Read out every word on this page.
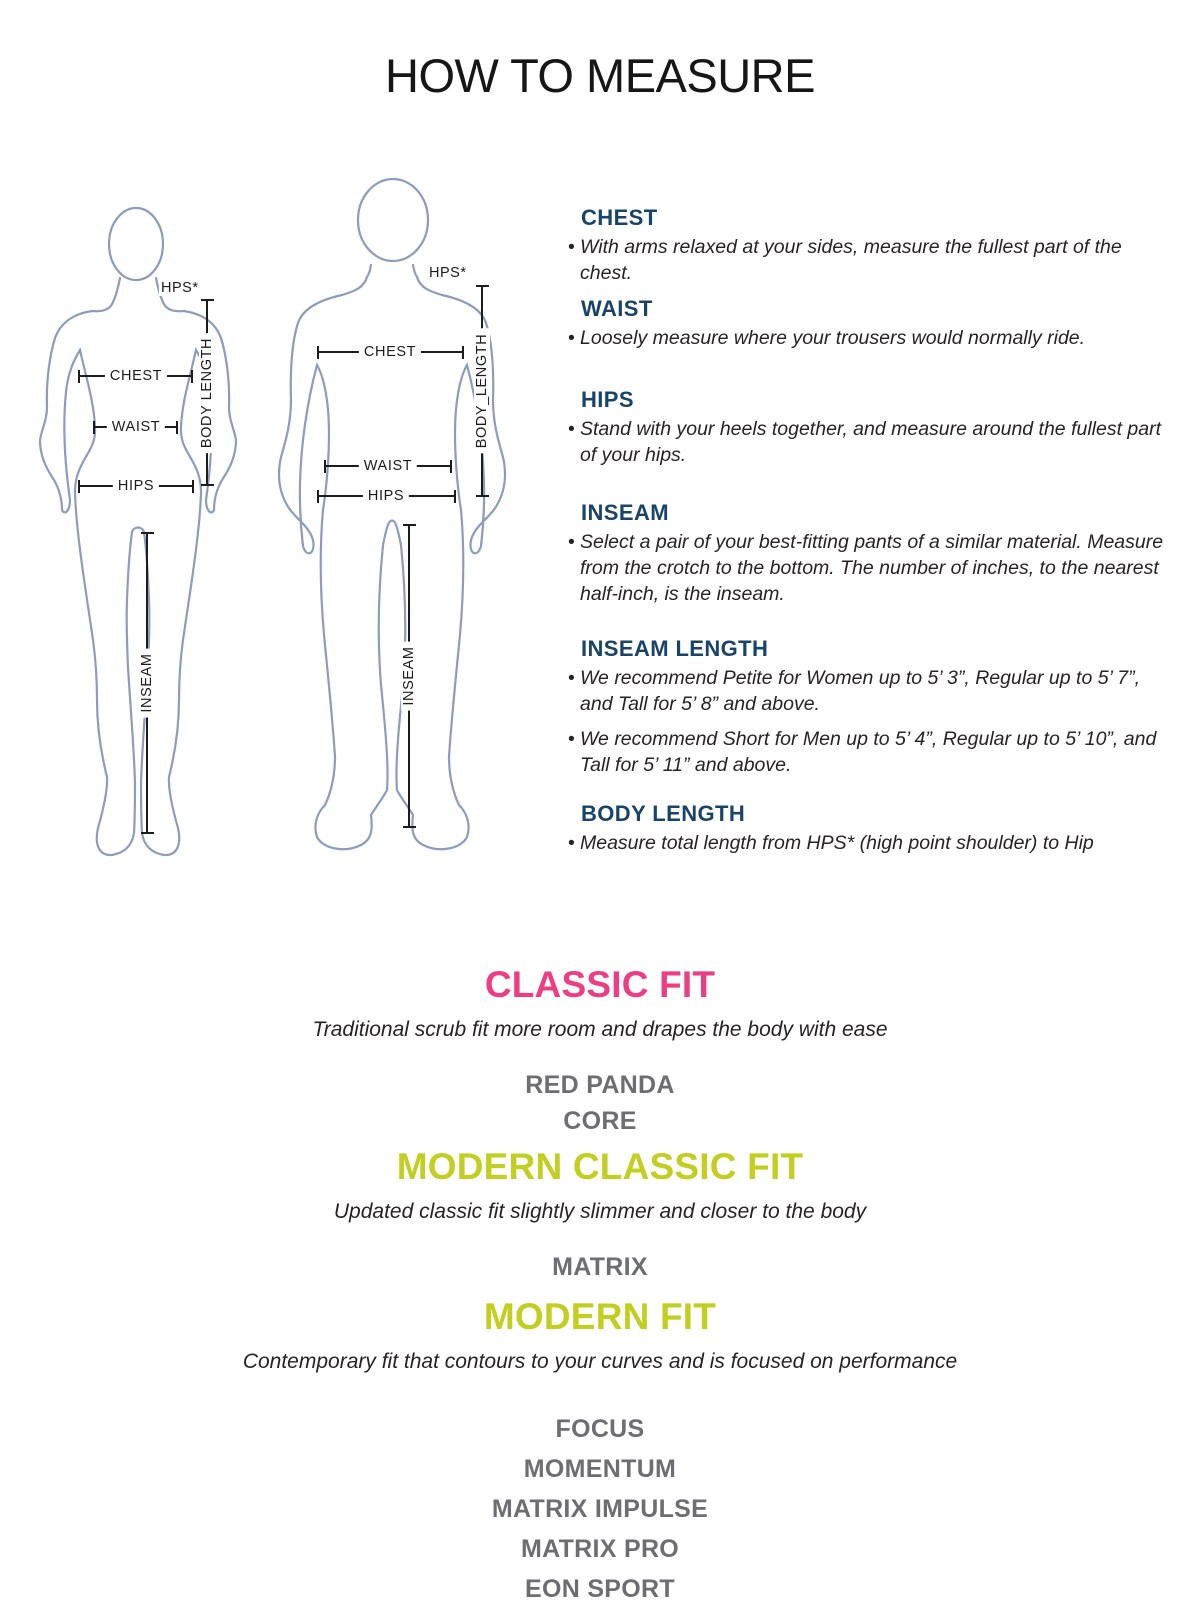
HOW TO MEASURE
HPS*
BODY LENGTH
CHEST
WAIST
HIPS
INSEAM
HPS*
BODY_LENGTH
CHEST
WAIST
HIPS
INSEAM
CHEST
• With arms relaxed at your sides, measure the fullest part of the chest.
WAIST
• Loosely measure where your trousers would normally ride.
HIPS
• Stand with your heels together, and measure around the fullest part of your hips.
INSEAM
• Select a pair of your best-fitting pants of a similar material. Measure from the crotch to the bottom. The number of inches, to the nearest half-inch, is the inseam.
INSEAM LENGTH
• We recommend Petite for Women up to 5’ 3”, Regular up to 5’ 7”, and Tall for 5’ 8” and above.
• We recommend Short for Men up to 5’ 4”, Regular up to 5’ 10”, and Tall for 5’ 11” and above.
BODY LENGTH
• Measure total length from HPS* (high point shoulder) to Hip
CLASSIC FIT
Traditional scrub fit more room and drapes the body with ease
RED PANDA
CORE
MODERN CLASSIC FIT
Updated classic fit slightly slimmer and closer to the body
MATRIX
MODERN FIT
Contemporary fit that contours to your curves and is focused on performance
FOCUS
MOMENTUM
MATRIX IMPULSE
MATRIX PRO
EON SPORT
